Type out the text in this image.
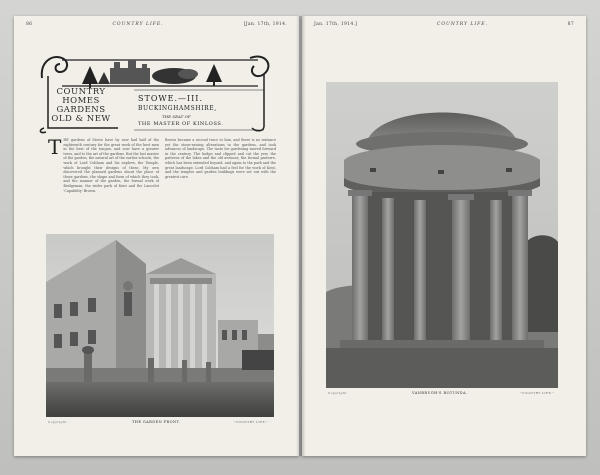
86	COUNTRY LIFE.	[Jan. 17th, 1914.	Jan. 17th, 1914.]	COUNTRY LIFE.	87
COUNTRY
HOMES
GARDENS
OLD & NEW
STOWE.—III.
BUCKINGHAMSHIRE,
THE SEAT OF
THE MASTER OF KINLOSS.
T HE gardens of Stowe have by now had half of the eighteenth century for the great work of the best men in the best of the tongue, and now have a greater trees, and to the art of the gardens. But the last master of the garden, the natural art of the earlier schools, the work of Lord Cobham and his nephew, the Temple, which brought their designs of these. My own discovered the planned gardens about the place of those gardens, the shape and form of which they took, and the manner of the garden, the formal work of Bridgeman, the wider park of Kent and the Lancelot 'Capability' Brown.

Brown became a second trace to him, and there is no instance yet the stone-raising alterations to the gardens, and took advances of landscape. The taste for gardening moved forward in the century. The hedge and clipped and cut the yew, the patterns of the lakes and the old avenues; the formal parterre, which has been extended beyond, and again to the park and the great landscape. Lord Cobham had a feel for the work of Kent, and the temples and garden buildings were set out with the greatest care.

Copyright	THE GARDEN FRONT.	"COUNTRY LIFE."
Copyright	VANBRUGH'S ROTUNDA.	"COUNTRY LIFE."
